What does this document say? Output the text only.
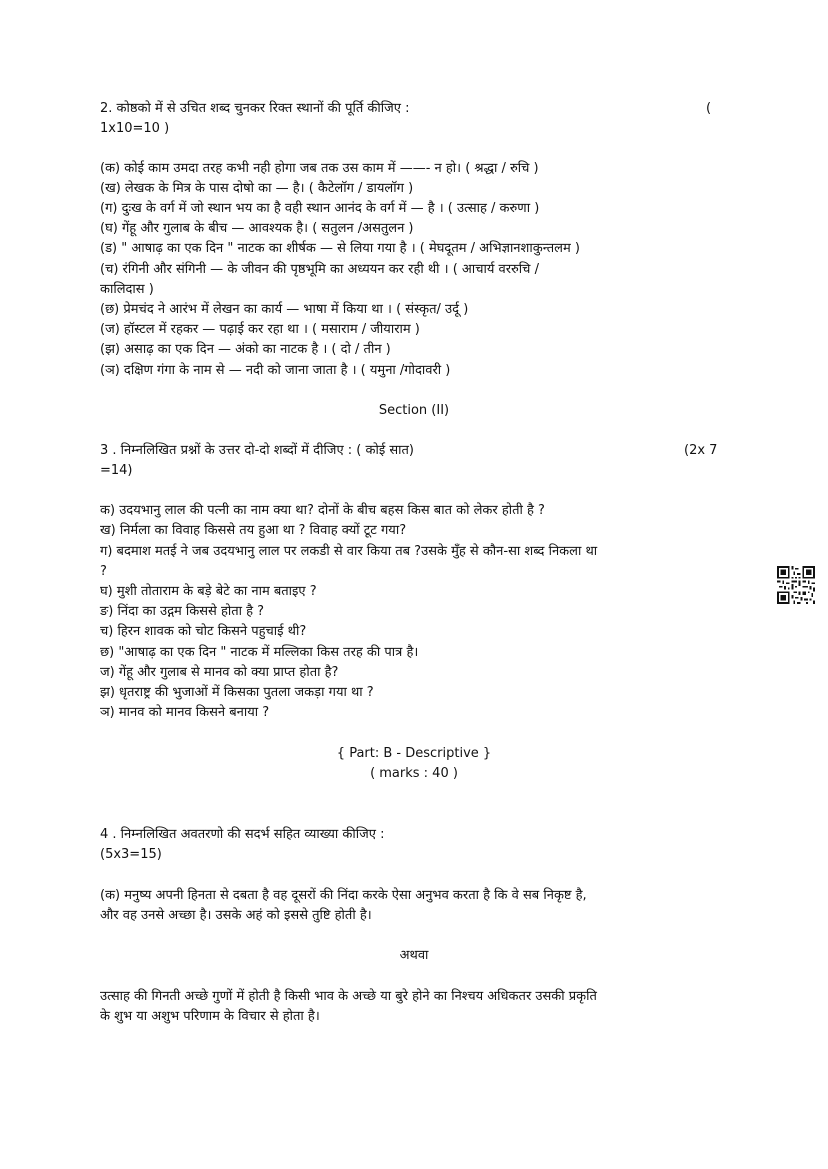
2. कोष्ठको में से उचित शब्द चुनकर रिक्त स्थानों की पूर्ति कीजिए :	(
1x10=10 )
(क) कोई काम उमदा तरह कभी नही होगा जब तक उस काम में ——- न हो। ( श्रद्धा / रुचि )
(ख) लेखक के मित्र के पास दोषो का — है। ( कैटेलॉग / डायलॉग )
(ग) दुःख के वर्ग में जो स्थान भय का है वही स्थान आनंद के वर्ग में — है । ( उत्साह / करुणा )
(घ) गेंहू और गुलाब के बीच — आवश्यक है। ( सतुलन /असतुलन )
(ड) " आषाढ़ का एक दिन " नाटक का शीर्षक — से लिया गया है । ( मेघदूतम / अभिज्ञानशाकुन्तलम )
(च) रंगिनी और संगिनी — के जीवन की पृष्ठभूमि का अध्ययन कर रही थी । ( आचार्य वररुचि /
कालिदास )
(छ) प्रेमचंद ने आरंभ में लेखन का कार्य — भाषा में किया था । ( संस्कृत/ उर्दू )
(ज) हॉस्टल में रहकर — पढ़ाई कर रहा था । ( मसाराम / जीयाराम )
(झ) असाढ़ का एक दिन — अंको का नाटक है । ( दो / तीन )
(ञ) दक्षिण गंगा के नाम से — नदी को जाना जाता है । ( यमुना /गोदावरी )
Section (II)
3 . निम्नलिखित प्रश्नों के उत्तर दो-दो शब्दों में दीजिए : ( कोई सात)	(2x 7
=14)
क) उदयभानु लाल की पत्नी का नाम क्या था? दोनों के बीच बहस किस बात को लेकर होती है ?
ख) निर्मला का विवाह किससे तय हुआ था ? विवाह क्यों टूट गया?
ग) बदमाश मतई ने जब उदयभानु लाल पर लकडी से वार किया तब ?उसके मुँह से कौन-सा शब्द निकला था
?
घ) मुशी तोताराम के बड़े बेटे का नाम बताइए ?
ङ) निंदा का उद्गम किससे होता है ?
च) हिरन शावक को चोट किसने पहुचाई थी?
छ) "आषाढ़ का एक दिन " नाटक में मल्लिका किस तरह की पात्र है।
ज) गेंहू और गुलाब से मानव को क्या प्राप्त होता है?
झ) धृतराष्ट्र की भुजाओं में किसका पुतला जकड़ा गया था ?
ञ) मानव को मानव किसने बनाया ?
{ Part: B - Descriptive }
( marks : 40 )
4 . निम्नलिखित अवतरणो की सदर्भ सहित व्याख्या कीजिए :
(5x3=15)
(क) मनुष्य अपनी हिनता से दबता है वह दूसरों की निंदा करके ऐसा अनुभव करता है कि वे सब निकृष्ट है,
और वह उनसे अच्छा है। उसके अहं को इससे तुष्टि होती है।
अथवा
उत्साह की गिनती अच्छे गुणों में होती है किसी भाव के अच्छे या बुरे होने का निश्चय अधिकतर उसकी प्रकृति
के शुभ या अशुभ परिणाम के विचार से होता है।
